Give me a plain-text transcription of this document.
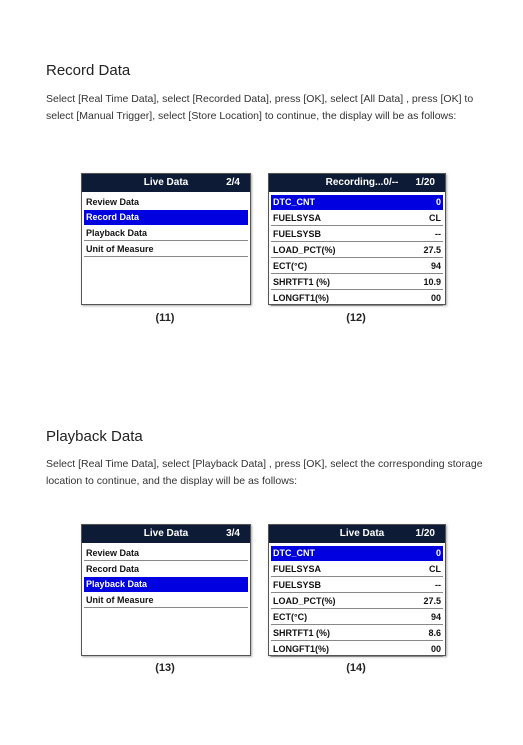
Record Data

Select [Real Time Data], select [Recorded Data], press [OK], select [All Data] , press [OK] to select [Manual Trigger], select [Store Location] to continue, the display will be as follows:

Live Data	2/4
Review Data
Record Data
Playback Data
Unit of Measure
(11)
Recording...0/--	1/20
DTC_CNT	0
FUELSYSA	CL
FUELSYSB	--
LOAD_PCT(%)	27.5
ECT(°C)	94
SHRTFT1 (%)	10.9
LONGFT1(%)	00
(12)
Playback Data

Select [Real Time Data], select [Playback Data] , press [OK], select the corresponding storage location to continue, and the display will be as follows:

Live Data	3/4
Review Data
Record Data
Playback Data
Unit of Measure
(13)
Live Data	1/20
DTC_CNT	0
FUELSYSA	CL
FUELSYSB	--
LOAD_PCT(%)	27.5
ECT(°C)	94
SHRTFT1 (%)	8.6
LONGFT1(%)	00
(14)
